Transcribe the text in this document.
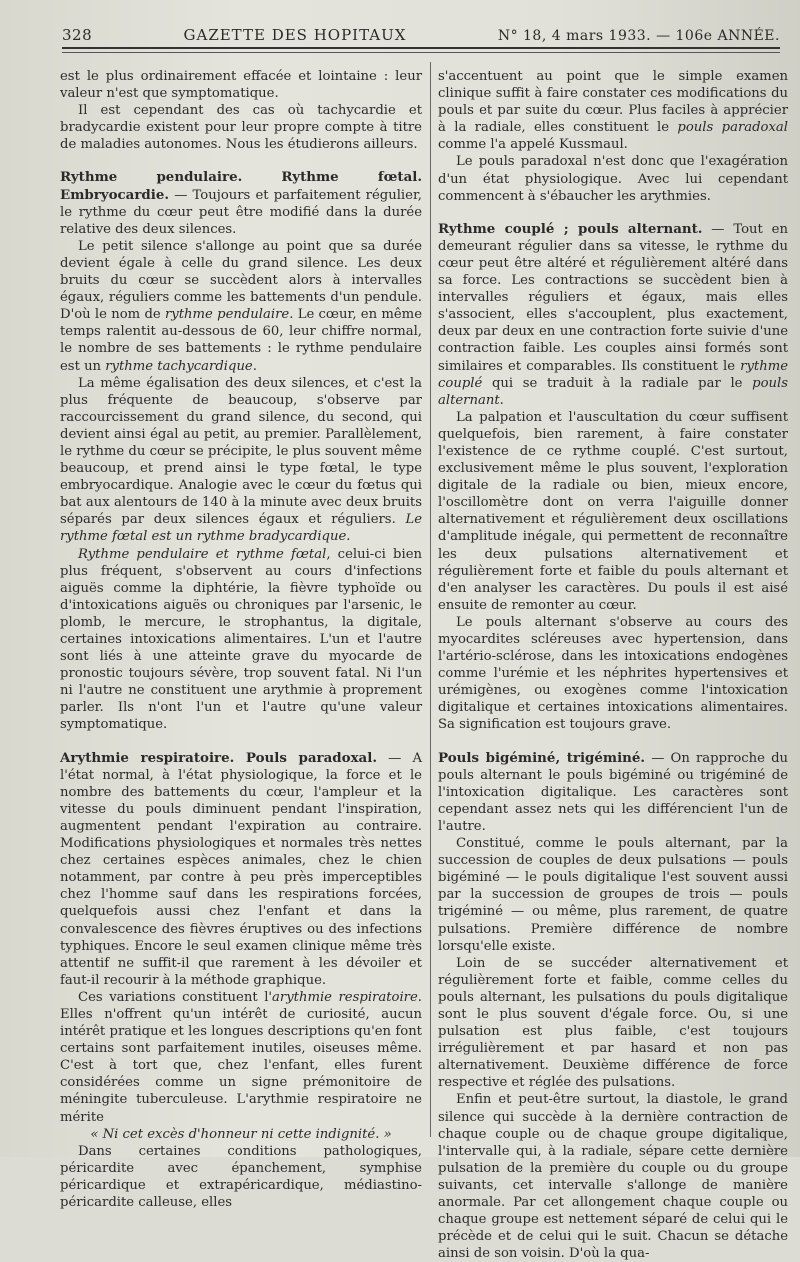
328	GAZETTE DES HOPITAUX	N° 18, 4 mars 1933. — 106e ANNÉE.

est le plus ordinairement effacée et lointaine : leur valeur n'est que symptomatique.

Il est cependant des cas où tachycardie et bradycardie existent pour leur propre compte à titre de maladies autonomes. Nous les étudierons ailleurs.

Rythme pendulaire. Rythme fœtal. Embryocardie. — Toujours et parfaitement régulier, le rythme du cœur peut être modifié dans la durée relative des deux silences.

Le petit silence s'allonge au point que sa durée devient égale à celle du grand silence. Les deux bruits du cœur se succèdent alors à intervalles égaux, réguliers comme les battements d'un pendule. D'où le nom de rythme pendulaire. Le cœur, en même temps ralentit au-dessous de 60, leur chiffre normal, le nombre de ses battements : le rythme pendulaire est un rythme tachycardique.

La même égalisation des deux silences, et c'est la plus fréquente de beaucoup, s'observe par raccourcissement du grand silence, du second, qui devient ainsi égal au petit, au premier. Parallèlement, le rythme du cœur se précipite, le plus souvent même beaucoup, et prend ainsi le type fœtal, le type embryocardique. Analogie avec le cœur du fœtus qui bat aux alentours de 140 à la minute avec deux bruits séparés par deux silences égaux et réguliers. Le rythme fœtal est un rythme bradycardique.

Rythme pendulaire et rythme fœtal, celui-ci bien plus fréquent, s'observent au cours d'infections aiguës comme la diphtérie, la fièvre typhoïde ou d'intoxications aiguës ou chroniques par l'arsenic, le plomb, le mercure, le strophantus, la digitale, certaines intoxications alimentaires. L'un et l'autre sont liés à une atteinte grave du myocarde de pronostic toujours sévère, trop souvent fatal. Ni l'un ni l'autre ne constituent une arythmie à proprement parler. Ils n'ont l'un et l'autre qu'une valeur symptomatique.

Arythmie respiratoire. Pouls paradoxal. — A l'état normal, à l'état physiologique, la force et le nombre des battements du cœur, l'ampleur et la vitesse du pouls diminuent pendant l'inspiration, augmentent pendant l'expiration au contraire. Modifications physiologiques et normales très nettes chez certaines espèces animales, chez le chien notamment, par contre à peu près imperceptibles chez l'homme sauf dans les respirations forcées, quelquefois aussi chez l'enfant et dans la convalescence des fièvres éruptives ou des infections typhiques. Encore le seul examen clinique même très attentif ne suffit-il que rarement à les dévoiler et faut-il recourir à la méthode graphique.

Ces variations constituent l'arythmie respiratoire. Elles n'offrent qu'un intérêt de curiosité, aucun intérêt pratique et les longues descriptions qu'en font certains sont parfaitement inutiles, oiseuses même. C'est à tort que, chez l'enfant, elles furent considérées comme un signe prémonitoire de méningite tuberculeuse. L'arythmie respiratoire ne mérite

« Ni cet excès d'honneur ni cette indignité. »

Dans certaines conditions pathologiques, péricardite avec épanchement, symphise péricardique et extrapéricardique, médiastino-péricardite calleuse, elles

s'accentuent au point que le simple examen clinique suffit à faire constater ces modifications du pouls et par suite du cœur. Plus faciles à apprécier à la radiale, elles constituent le pouls paradoxal comme l'a appelé Kussmaul.

Le pouls paradoxal n'est donc que l'exagération d'un état physiologique. Avec lui cependant commencent à s'ébaucher les arythmies.

Rythme couplé ; pouls alternant. — Tout en demeurant régulier dans sa vitesse, le rythme du cœur peut être altéré et régulièrement altéré dans sa force. Les contractions se succèdent bien à intervalles réguliers et égaux, mais elles s'associent, elles s'accouplent, plus exactement, deux par deux en une contraction forte suivie d'une contraction faible. Les couples ainsi formés sont similaires et comparables. Ils constituent le rythme couplé qui se traduit à la radiale par le pouls alternant.

La palpation et l'auscultation du cœur suffisent quelquefois, bien rarement, à faire constater l'existence de ce rythme couplé. C'est surtout, exclusivement même le plus souvent, l'exploration digitale de la radiale ou bien, mieux encore, l'oscillomètre dont on verra l'aiguille donner alternativement et régulièrement deux oscillations d'amplitude inégale, qui permettent de reconnaître les deux pulsations alternativement et régulièrement forte et faible du pouls alternant et d'en analyser les caractères. Du pouls il est aisé ensuite de remonter au cœur.

Le pouls alternant s'observe au cours des myocardites scléreuses avec hypertension, dans l'artério-sclérose, dans les intoxications endogènes comme l'urémie et les néphrites hypertensives et urémigènes, ou exogènes comme l'intoxication digitalique et certaines intoxications alimentaires. Sa signification est toujours grave.

Pouls bigéminé, trigéminé. — On rapproche du pouls alternant le pouls bigéminé ou trigéminé de l'intoxication digitalique. Les caractères sont cependant assez nets qui les différencient l'un de l'autre.

Constitué, comme le pouls alternant, par la succession de couples de deux pulsations — pouls bigéminé — le pouls digitalique l'est souvent aussi par la succession de groupes de trois — pouls trigéminé — ou même, plus rarement, de quatre pulsations. Première différence de nombre lorsqu'elle existe.

Loin de se succéder alternativement et régulièrement forte et faible, comme celles du pouls alternant, les pulsations du pouls digitalique sont le plus souvent d'égale force. Ou, si une pulsation est plus faible, c'est toujours irrégulièrement et par hasard et non pas alternativement. Deuxième différence de force respective et réglée des pulsations.

Enfin et peut-être surtout, la diastole, le grand silence qui succède à la dernière contraction de chaque couple ou de chaque groupe digitalique, l'intervalle qui, à la radiale, sépare cette dernière pulsation de la première du couple ou du groupe suivants, cet intervalle s'allonge de manière anormale. Par cet allongement chaque couple ou chaque groupe est nettement séparé de celui qui le précède et de celui qui le suit. Chacun se détache ainsi de son voisin. D'où la qua-
